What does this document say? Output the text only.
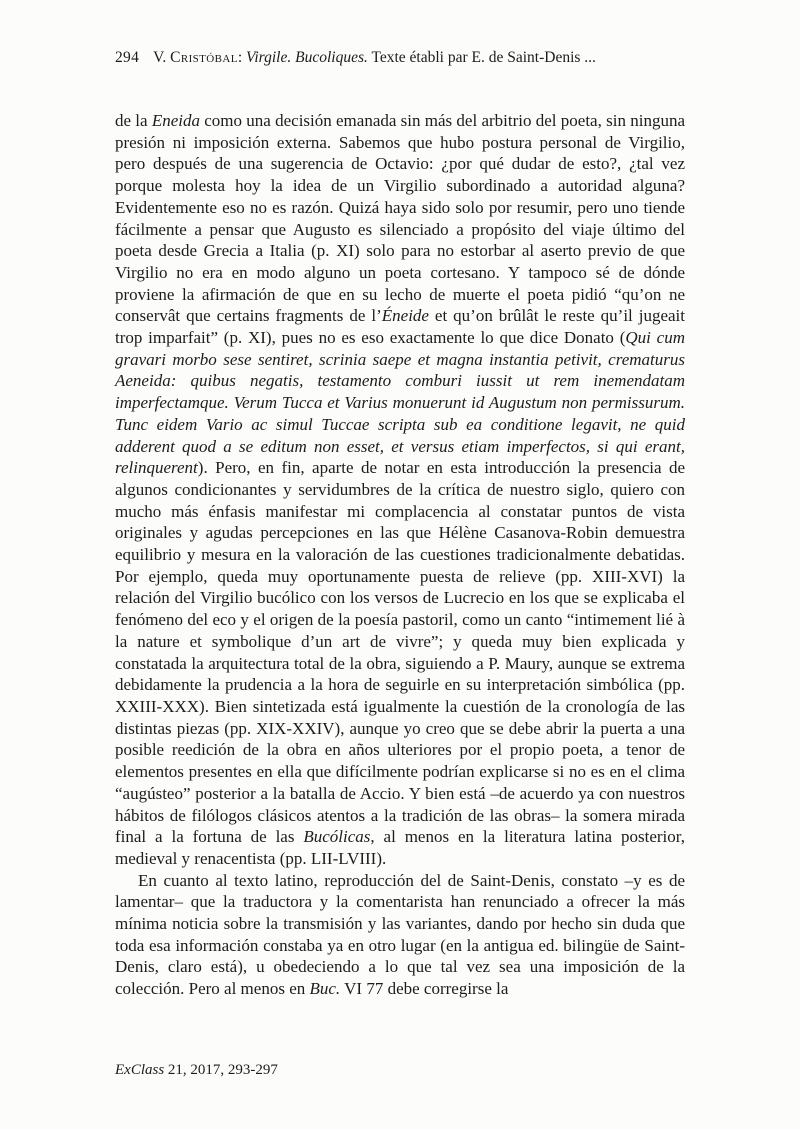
294 V. Cristóbal: Virgile. Bucoliques. Texte établi par E. de Saint-Denis ...

de la Eneida como una decisión emanada sin más del arbitrio del poeta, sin ninguna presión ni imposición externa. Sabemos que hubo postura personal de Virgilio, pero después de una sugerencia de Octavio: ¿por qué dudar de esto?, ¿tal vez porque molesta hoy la idea de un Virgilio subordinado a autoridad alguna? Evidentemente eso no es razón. Quizá haya sido solo por resumir, pero uno tiende fácilmente a pensar que Augusto es silenciado a propósito del viaje último del poeta desde Grecia a Italia (p. XI) solo para no estorbar al aserto previo de que Virgilio no era en modo alguno un poeta cortesano. Y tampoco sé de dónde proviene la afirmación de que en su lecho de muerte el poeta pidió “qu’on ne conservât que certains fragments de l’Éneide et qu’on brûlât le reste qu’il jugeait trop imparfait” (p. XI), pues no es eso exactamente lo que dice Donato (Qui cum gravari morbo sese sentiret, scrinia saepe et magna instantia petivit, crematurus Aeneida: quibus negatis, testamento comburi iussit ut rem inemendatam imperfectamque. Verum Tucca et Varius monuerunt id Augustum non permissurum. Tunc eidem Vario ac simul Tuccae scripta sub ea conditione legavit, ne quid adderent quod a se editum non esset, et versus etiam imperfectos, si qui erant, relinquerent). Pero, en fin, aparte de notar en esta introducción la presencia de algunos condicionantes y servidumbres de la crítica de nuestro siglo, quiero con mucho más énfasis manifestar mi complacencia al constatar puntos de vista originales y agudas percepciones en las que Hélène Casanova-Robin demuestra equilibrio y mesura en la valoración de las cuestiones tradicionalmente debatidas. Por ejemplo, queda muy oportunamente puesta de relieve (pp. XIII-XVI) la relación del Virgilio bucólico con los versos de Lucrecio en los que se explicaba el fenómeno del eco y el origen de la poesía pastoril, como un canto “intimement lié à la nature et symbolique d’un art de vivre”; y queda muy bien explicada y constatada la arquitectura total de la obra, siguiendo a P. Maury, aunque se extrema debidamente la prudencia a la hora de seguirle en su interpretación simbólica (pp. XXIII-XXX). Bien sintetizada está igualmente la cuestión de la cronología de las distintas piezas (pp. XIX-XXIV), aunque yo creo que se debe abrir la puerta a una posible reedición de la obra en años ulteriores por el propio poeta, a tenor de elementos presentes en ella que difícilmente podrían explicarse si no es en el clima “augústeo” posterior a la batalla de Accio. Y bien está –de acuerdo ya con nuestros hábitos de filólogos clásicos atentos a la tradición de las obras– la somera mirada final a la fortuna de las Bucólicas, al menos en la literatura latina posterior, medieval y renacentista (pp. LII-LVIII).

En cuanto al texto latino, reproducción del de Saint-Denis, constato –y es de lamentar– que la traductora y la comentarista han renunciado a ofrecer la más mínima noticia sobre la transmisión y las variantes, dando por hecho sin duda que toda esa información constaba ya en otro lugar (en la antigua ed. bilingüe de Saint-Denis, claro está), u obedeciendo a lo que tal vez sea una imposición de la colección. Pero al menos en Buc. VI 77 debe corregirse la

ExClass 21, 2017, 293-297
